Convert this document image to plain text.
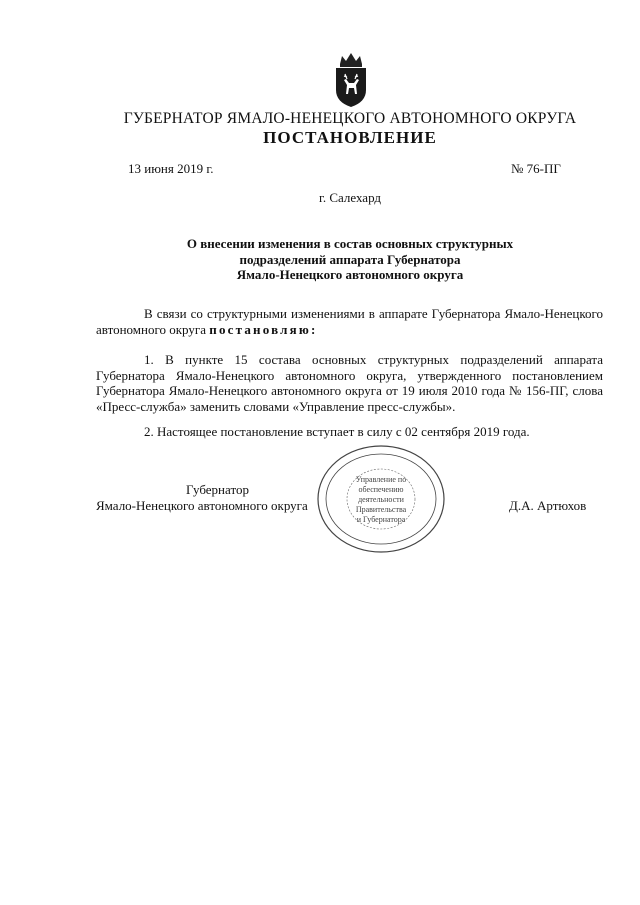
ГУБЕРНАТОР ЯМАЛО-НЕНЕЦКОГО АВТОНОМНОГО ОКРУГА
ПОСТАНОВЛЕНИЕ
13 июня 2019 г.	№ 76-ПГ
г. Салехард
О внесении изменения в состав основных структурных
подразделений аппарата Губернатора
Ямало-Ненецкого автономного округа
В связи со структурными изменениями в аппарате Губернатора Ямало-Ненецкого автономного округа постановляю:
1. В пункте 15 состава основных структурных подразделений аппарата Губернатора Ямало-Ненецкого автономного округа, утвержденного постановлением Губернатора Ямало-Ненецкого автономного округа от 19 июля 2010 года № 156-ПГ, слова «Пресс-служба» заменить словами «Управление пресс-службы».
2. Настоящее постановление вступает в силу с 02 сентября 2019 года.
Губернатор
Ямало-Ненецкого автономного округа	Д.А. Артюхов
Управление по
обеспечению
деятельности
Правительства
и Губернатора
